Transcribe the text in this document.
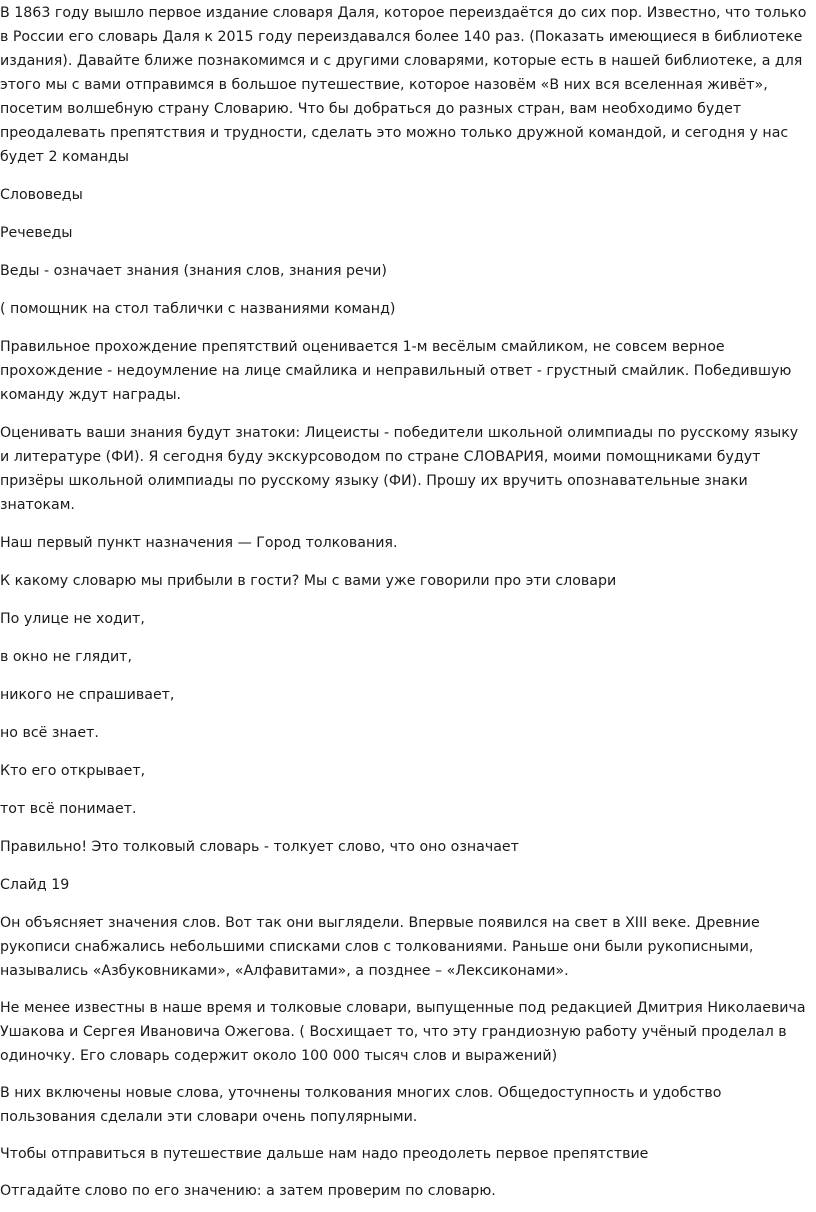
В 1863 году вышло первое издание словаря Даля, которое переиздаётся до сих пор. Известно, что только в России его словарь Даля к 2015 году переиздавался более 140 раз. (Показать имеющиеся в библиотеке издания). Давайте ближе познакомимся и с другими словарями, которые есть в нашей библиотеке, а для этого мы с вами отправимся в большое путешествие, которое назовём «В них вся вселенная живёт», посетим волшебную страну Словарию. Что бы добраться до разных стран, вам необходимо будет преодалевать препятствия и трудности, сделать это можно только дружной командой, и сегодня у нас будет 2 команды

Слововеды

Речеведы

Веды - означает знания (знания слов, знания речи)

( помощник на стол таблички с названиями команд)

Правильное прохождение препятствий оценивается 1-м весёлым смайликом, не совсем верное прохождение - недоумление на лице смайлика и неправильный ответ - грустный смайлик. Победившую команду ждут награды.

Оценивать ваши знания будут знатоки: Лицеисты - победители школьной олимпиады по русскому языку и литературе (ФИ). Я сегодня буду экскурсоводом по стране СЛОВАРИЯ, моими помощниками будут призёры школьной олимпиады по русскому языку (ФИ). Прошу их вручить опознавательные знаки знатокам.

Наш первый пункт назначения — Город толкования.

К какому словарю мы прибыли в гости? Мы с вами уже говорили про эти словари

По улице не ходит,

в окно не глядит,

никого не спрашивает,

но всё знает.

Кто его открывает,

тот всё понимает.

Правильно! Это толковый словарь - толкует слово, что оно означает

Слайд 19

Он объясняет значения слов. Вот так они выглядели. Впервые появился на свет в XIII веке. Древние рукописи снабжались небольшими списками слов с толкованиями. Раньше они были рукописными, назывались «Азбуковниками», «Алфавитами», а позднее – «Лексиконами».

Не менее известны в наше время и толковые словари, выпущенные под редакцией Дмитрия Николаевича Ушакова и Сергея Ивановича Ожегова. ( Восхищает то, что эту грандиозную работу учёный проделал в одиночку. Его словарь содержит около 100 000 тысяч слов и выражений)

В них включены новые слова, уточнены толкования многих слов. Общедоступность и удобство пользования сделали эти словари очень популярными.

Чтобы отправиться в путешествие дальше нам надо преодолеть первое препятствие

Отгадайте слово по его значению: а затем проверим по словарю.
